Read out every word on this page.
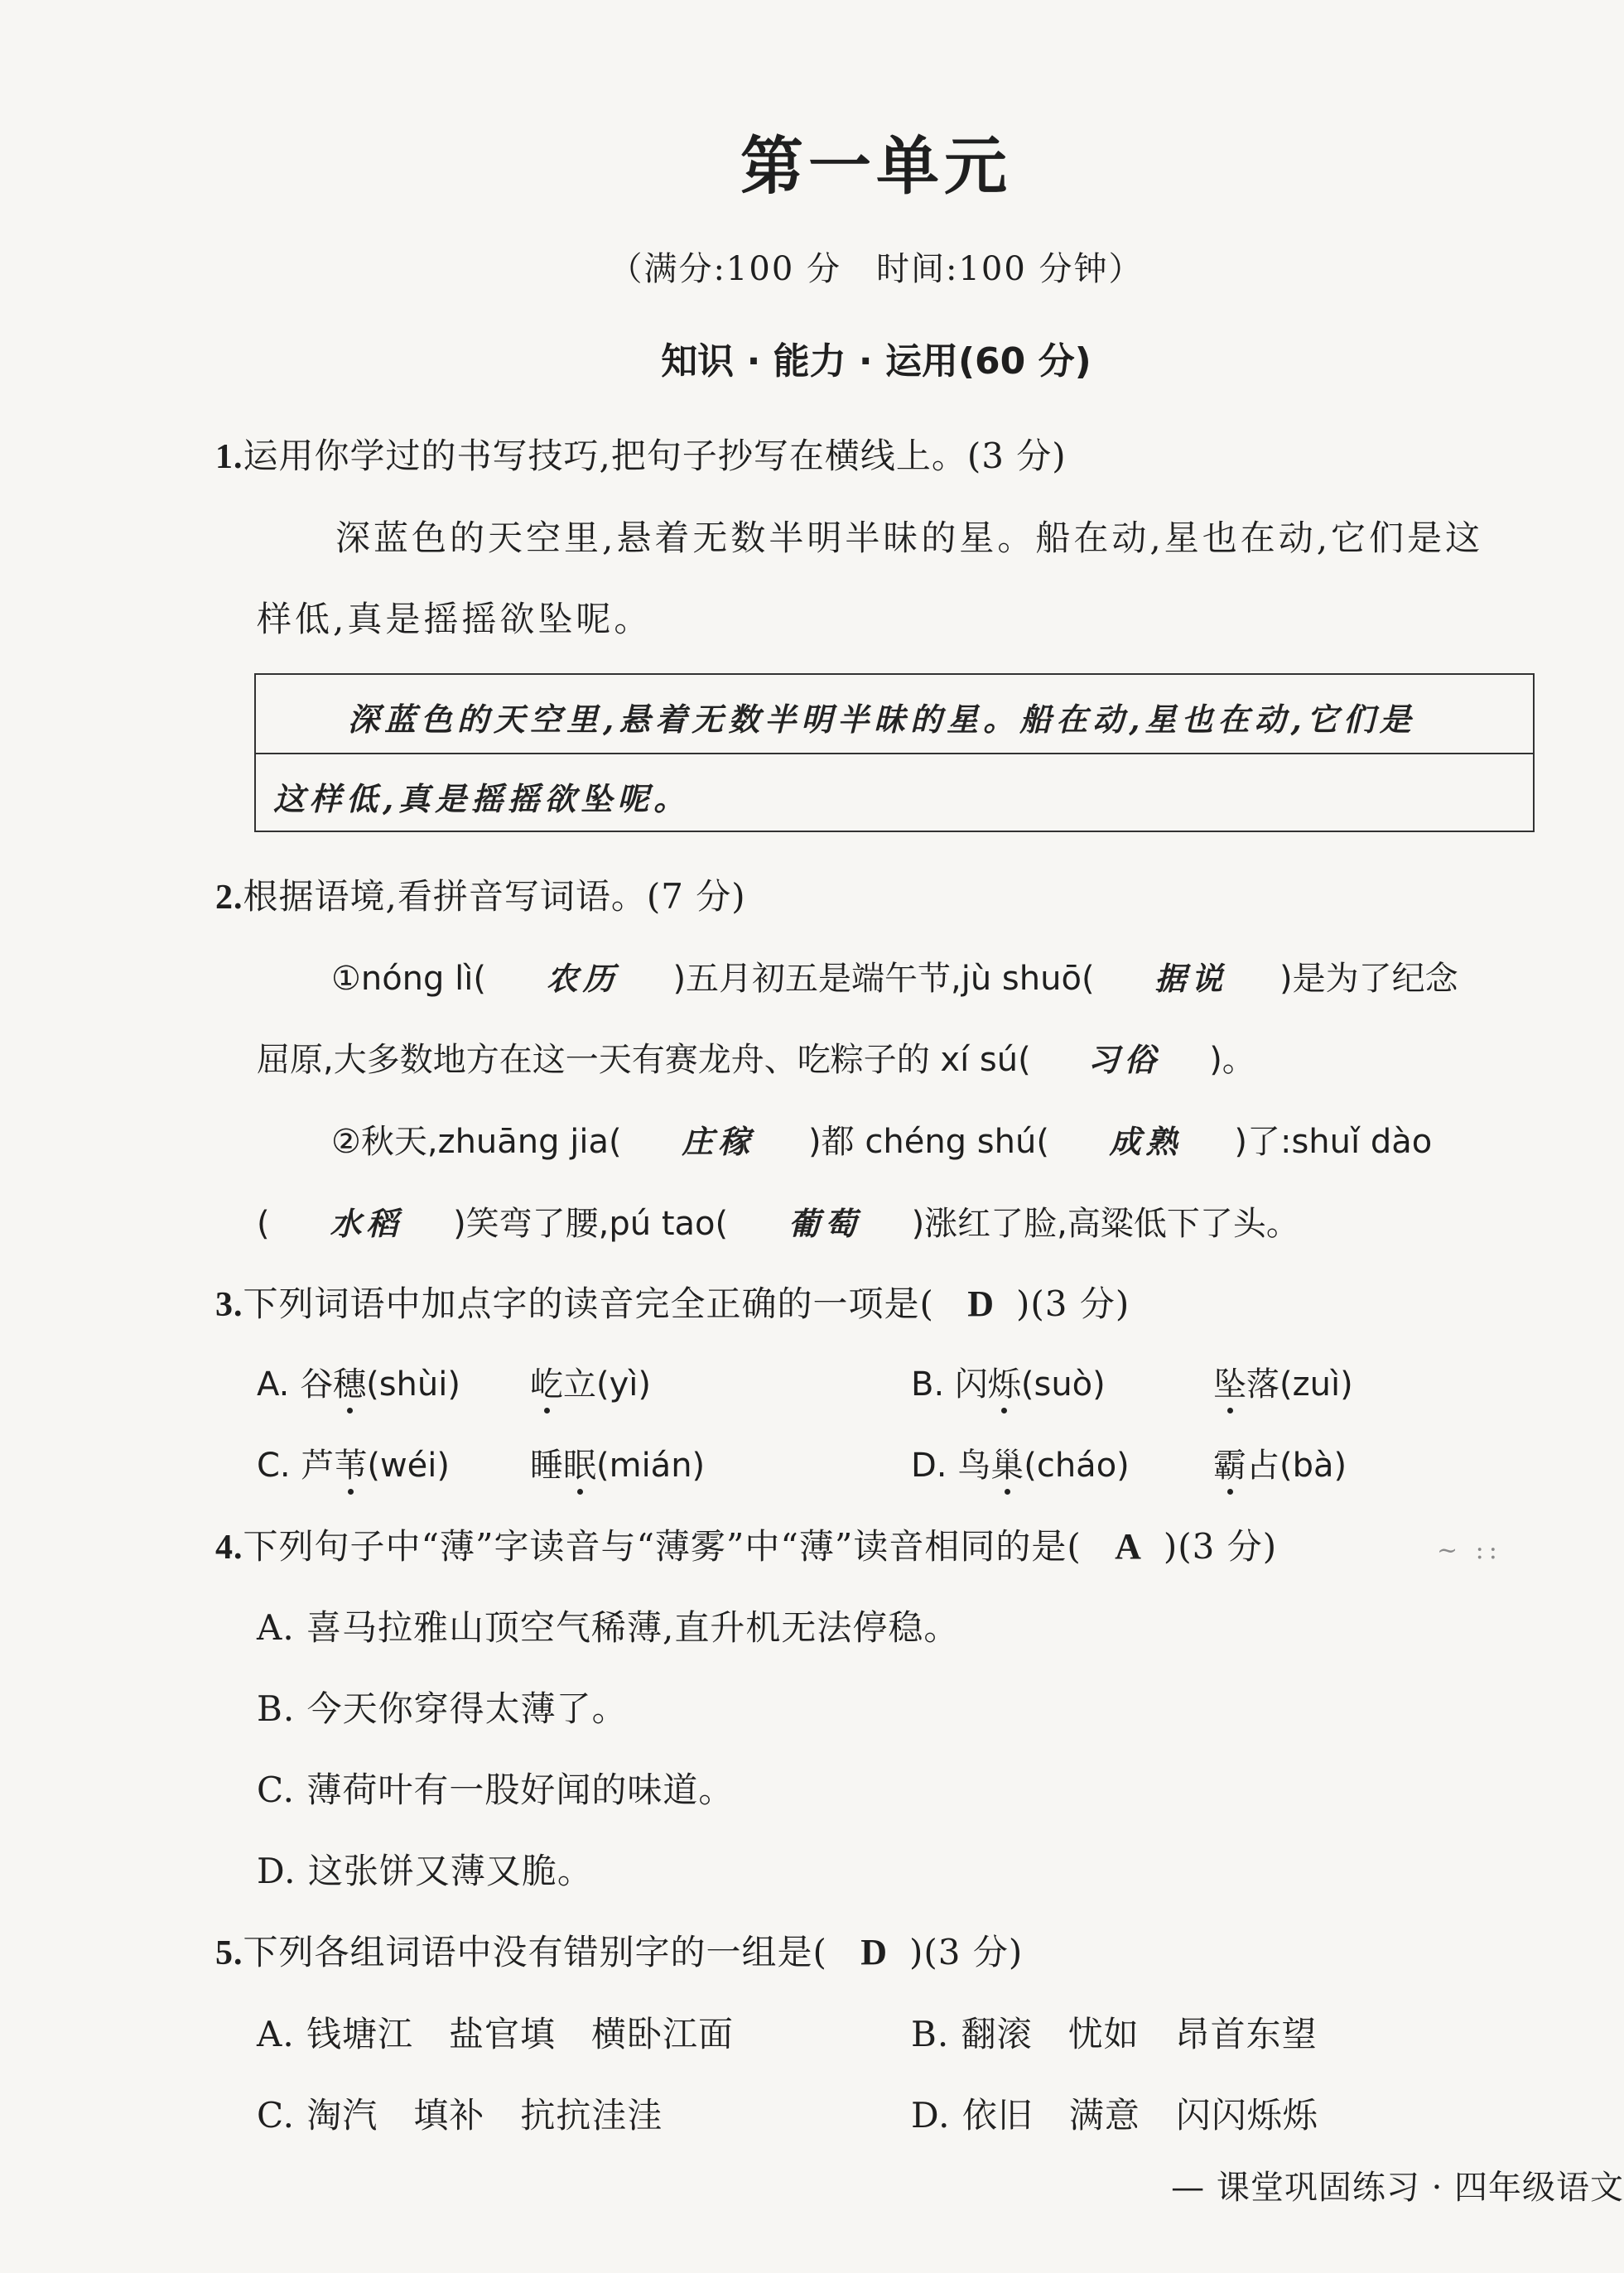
第一单元
（满分:100 分　时间:100 分钟）
知识 · 能力 · 运用(60 分)
1.运用你学过的书写技巧,把句子抄写在横线上。(3 分)
深蓝色的天空里,悬着无数半明半昧的星。船在动,星也在动,它们是这
样低,真是摇摇欲坠呢。
深蓝色的天空里,悬着无数半明半昧的星。船在动,星也在动,它们是
这样低,真是摇摇欲坠呢。
2.根据语境,看拼音写词语。(7 分)
①nóng lì( 农历 )五月初五是端午节,jù shuō( 据说 )是为了纪念
屈原,大多数地方在这一天有赛龙舟、吃粽子的 xí sú( 习俗 )。
②秋天,zhuāng jia( 庄稼 )都 chéng shú( 成熟 )了:shuǐ dào
( 水稻 )笑弯了腰,pú tao( 葡萄 )涨红了脸,高粱低下了头。
3.下列词语中加点字的读音完全正确的一项是( D )(3 分)
A. 谷穗(shùi) 屹立(yì)	B. 闪烁(suò)	坠落(zuì)
C. 芦苇(wéi) 睡眠(mián)	D. 鸟巢(cháo)	霸占(bà)
4.下列句子中“薄”字读音与“薄雾”中“薄”读音相同的是( A )(3 分)	~ ::
A. 喜马拉雅山顶空气稀薄,直升机无法停稳。
B. 今天你穿得太薄了。
C. 薄荷叶有一股好闻的味道。
D. 这张饼又薄又脆。
5.下列各组词语中没有错别字的一组是( D )(3 分)
A. 钱塘江　盐官填　横卧江面	B. 翻滚　忧如　昂首东望
C. 淘汽　填补　抗抗洼洼	D. 依旧　满意　闪闪烁烁
— 课堂巩固练习 · 四年级语文
